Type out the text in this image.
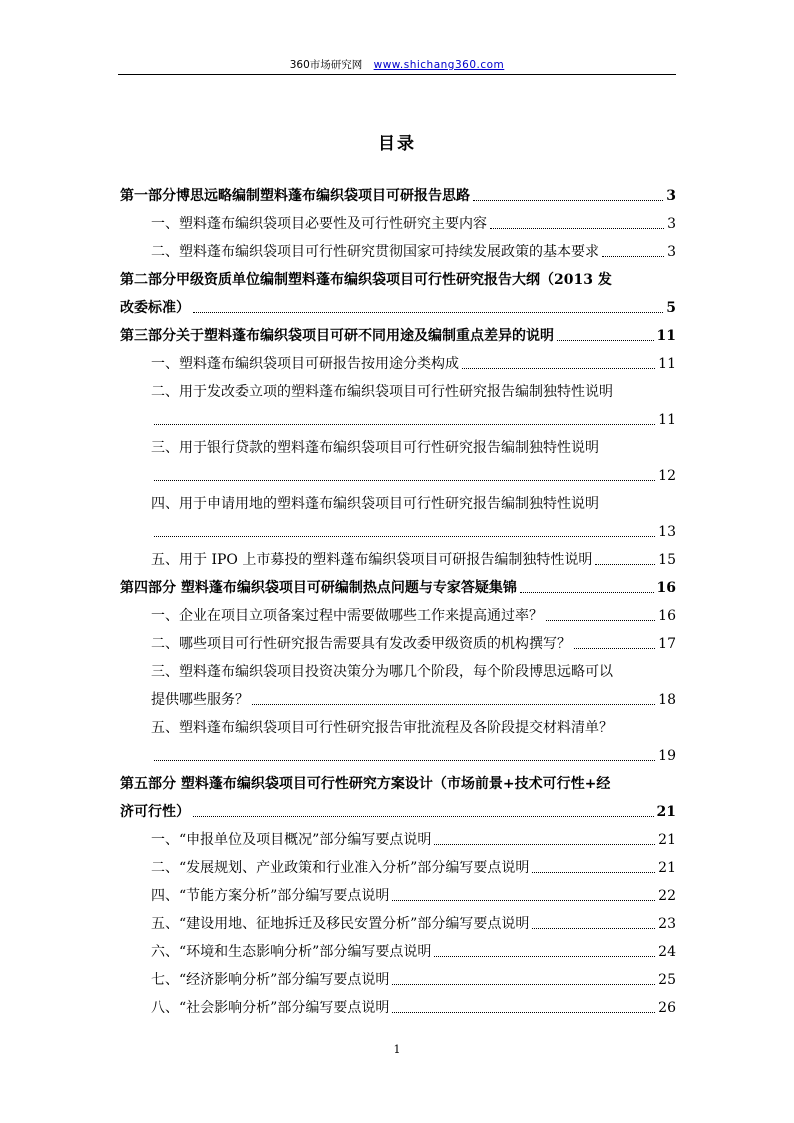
360市场研究网 www.shichang360.com
目录
第一部分博思远略编制塑料蓬布编织袋项目可研报告思路	3
一、塑料蓬布编织袋项目必要性及可行性研究主要内容	3
二、塑料蓬布编织袋项目可行性研究贯彻国家可持续发展政策的基本要求	3
第二部分甲级资质单位编制塑料蓬布编织袋项目可行性研究报告大纲（2013 发
改委标准）	5
第三部分关于塑料蓬布编织袋项目可研不同用途及编制重点差异的说明	11
一、塑料蓬布编织袋项目可研报告按用途分类构成	11
二、用于发改委立项的塑料蓬布编织袋项目可行性研究报告编制独特性说明
11
三、用于银行贷款的塑料蓬布编织袋项目可行性研究报告编制独特性说明
12
四、用于申请用地的塑料蓬布编织袋项目可行性研究报告编制独特性说明
13
五、用于 IPO 上市募投的塑料蓬布编织袋项目可研报告编制独特性说明	15
第四部分 塑料蓬布编织袋项目可研编制热点问题与专家答疑集锦	16
一、企业在项目立项备案过程中需要做哪些工作来提高通过率？	16
二、哪些项目可行性研究报告需要具有发改委甲级资质的机构撰写？	17
三、塑料蓬布编织袋项目投资决策分为哪几个阶段，每个阶段博思远略可以
提供哪些服务？	18
五、塑料蓬布编织袋项目可行性研究报告审批流程及各阶段提交材料清单？
19
第五部分 塑料蓬布编织袋项目可行性研究方案设计（市场前景+技术可行性+经
济可行性）	21
一、“申报单位及项目概况”部分编写要点说明	21
二、“发展规划、产业政策和行业准入分析”部分编写要点说明	21
四、“节能方案分析”部分编写要点说明	22
五、“建设用地、征地拆迁及移民安置分析”部分编写要点说明	23
六、“环境和生态影响分析”部分编写要点说明	24
七、“经济影响分析”部分编写要点说明	25
八、“社会影响分析”部分编写要点说明	26
1
